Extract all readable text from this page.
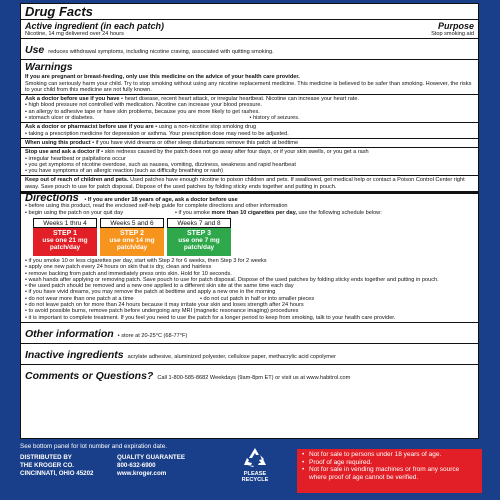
Drug Facts
Active ingredient (in each patch)	Purpose
Nicotine, 14 mg delivered over 24 hours	Stop smoking aid
Use reduces withdrawal symptoms, including nicotine craving, associated with quitting smoking.
Warnings
If you are pregnant or breast-feeding, only use this medicine on the advice of your health care provider.
Smoking can seriously harm your child. Try to stop smoking without using any nicotine replacement medicine. This medicine is believed to be safer than smoking. However, the risks to your child from this medicine are not fully known.
Ask a doctor before use if you have • heart disease, recent heart attack, or irregular heartbeat. Nicotine can increase your heart rate.
• high blood pressure not controlled with medication. Nicotine can increase your blood pressure.
• an allergy to adhesive tape or have skin problems, because you are more likely to get rashes.
• stomach ulcer or diabetes.	• history of seizures.
Ask a doctor or pharmacist before use if you are • using a non-nicotine stop smoking drug
• taking a prescription medicine for depression or asthma. Your prescription dose may need to be adjusted.
When using this product • if you have vivid dreams or other sleep disturbances remove this patch at bedtime
Stop use and ask a doctor if • skin redness caused by the patch does not go away after four days, or if your skin swells, or you get a rash
• irregular heartbeat or palpitations occur
• you get symptoms of nicotine overdose, such as nausea, vomiting, dizziness, weakness and rapid heartbeat
• you have symptoms of an allergic reaction (such as difficulty breathing or rash)
Keep out of reach of children and pets. Used patches have enough nicotine to poison children and pets. If swallowed, get medical help or contact a Poison Control Center right away. Save pouch to use for patch disposal. Dispose of the used patches by folding sticky ends together and putting in pouch.
Directions • If you are under 18 years of age, ask a doctor before use
• before using this product, read the enclosed self-help guide for complete directions and other information
• begin using the patch on your quit day	• if you smoke more than 10 cigarettes per day, use the following schedule below:
Weeks 1 thru 4
STEP 1
use one 21 mg patch/day
Weeks 5 and 6
STEP 2
use one 14 mg patch/day
Weeks 7 and 8
STEP 3
use one 7 mg patch/day
• if you smoke 10 or less cigarettes per day, start with Step 2 for 6 weeks, then Step 3 for 2 weeks
• apply one new patch every 24 hours on skin that is dry, clean and hairless
• remove backing from patch and immediately press onto skin. Hold for 10 seconds.
• wash hands after applying or removing patch. Save pouch to use for patch disposal. Dispose of the used patches by folding sticky ends together and putting in pouch.
• the used patch should be removed and a new one applied to a different skin site at the same time each day
• if you have vivid dreams, you may remove the patch at bedtime and apply a new one in the morning
• do not wear more than one patch at a time	• do not cut patch in half or into smaller pieces
• do not leave patch on for more than 24 hours because it may irritate your skin and loses strength after 24 hours
• to avoid possible burns, remove patch before undergoing any MRI (magnetic resonance imaging) procedures
• it is important to complete treatment. If you feel you need to use the patch for a longer period to keep from smoking, talk to your health care provider.
Other information • store at 20-25°C (68-77°F)
Inactive ingredients acrylate adhesive, aluminized polyester, cellulose paper, methacrylic acid copolymer
Comments or Questions? Call 1-800-585-8682 Weekdays (9am-8pm ET) or visit us at www.habitrol.com
See bottom panel for lot number and expiration date.
DISTRIBUTED BY
THE KROGER CO.
CINCINNATI, OHIO 45202
QUALITY GUARANTEE
800-632-6900
www.kroger.com	PLEASE RECYCLE
• Not for sale to persons under 18 years of age.
• Proof of age required.
• Not for sale in vending machines or from any source where proof of age cannot be verified.
